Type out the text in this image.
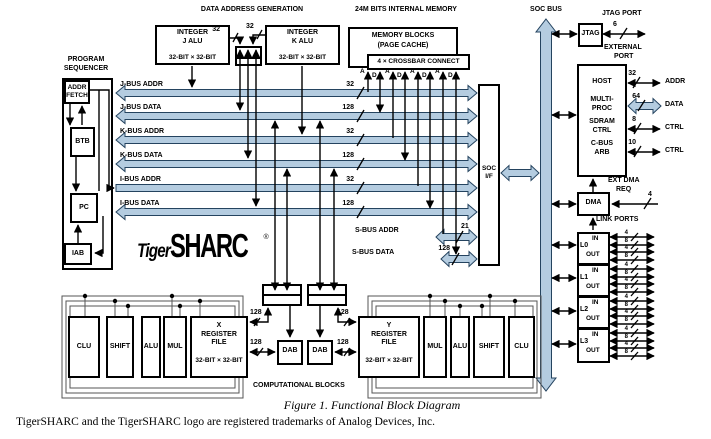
DATA ADDRESS GENERATION	24M BITS INTERNAL MEMORY	SOC BUS
JTAG PORT
PROGRAM
SEQUENCER
ADDR
FETCH
BTB
PC
IAB
INTEGER
J ALU
32-BIT × 32-BIT
INTEGER
K ALU
32-BIT × 32-BIT
32	32
MEMORY BLOCKS
(PAGE CACHE)
4 × CROSSBAR CONNECT
A
D
A
D
A
D
A
D
J-BUS ADDR
J-BUS DATA
K-BUS ADDR
K-BUS DATA
I-BUS ADDR
I-BUS DATA
32
128
32
128
32
128
S-BUS ADDR
21
S-BUS DATA
128
SOC
I/F
TigerSHARC ®
JTAG
6
EXTERNAL
PORT
HOST
MULTI-
PROC
SDRAM
CTRL
C-BUS
ARB
32
ADDR
64
DATA
8
CTRL
10
CTRL
DMA
EXT DMA
REQ
4
LINK PORTS
L0
IN
OUT
4
8
4
8
L1
IN
OUT
4
8
4
8
L2
IN
OUT
4
8
4
8
L3
IN
OUT
4
8
4
8
CLU	SHIFT	ALU	MUL
X
REGISTER
FILE
32-BIT × 32-BIT
Y
REGISTER
FILE
32-BIT × 32-BIT
MUL	ALU	SHIFT	CLU
DAB	DAB
128
128
128
128
COMPUTATIONAL BLOCKS
Figure 1. Functional Block Diagram
TigerSHARC and the TigerSHARC logo are registered trademarks of Analog Devices, Inc.
